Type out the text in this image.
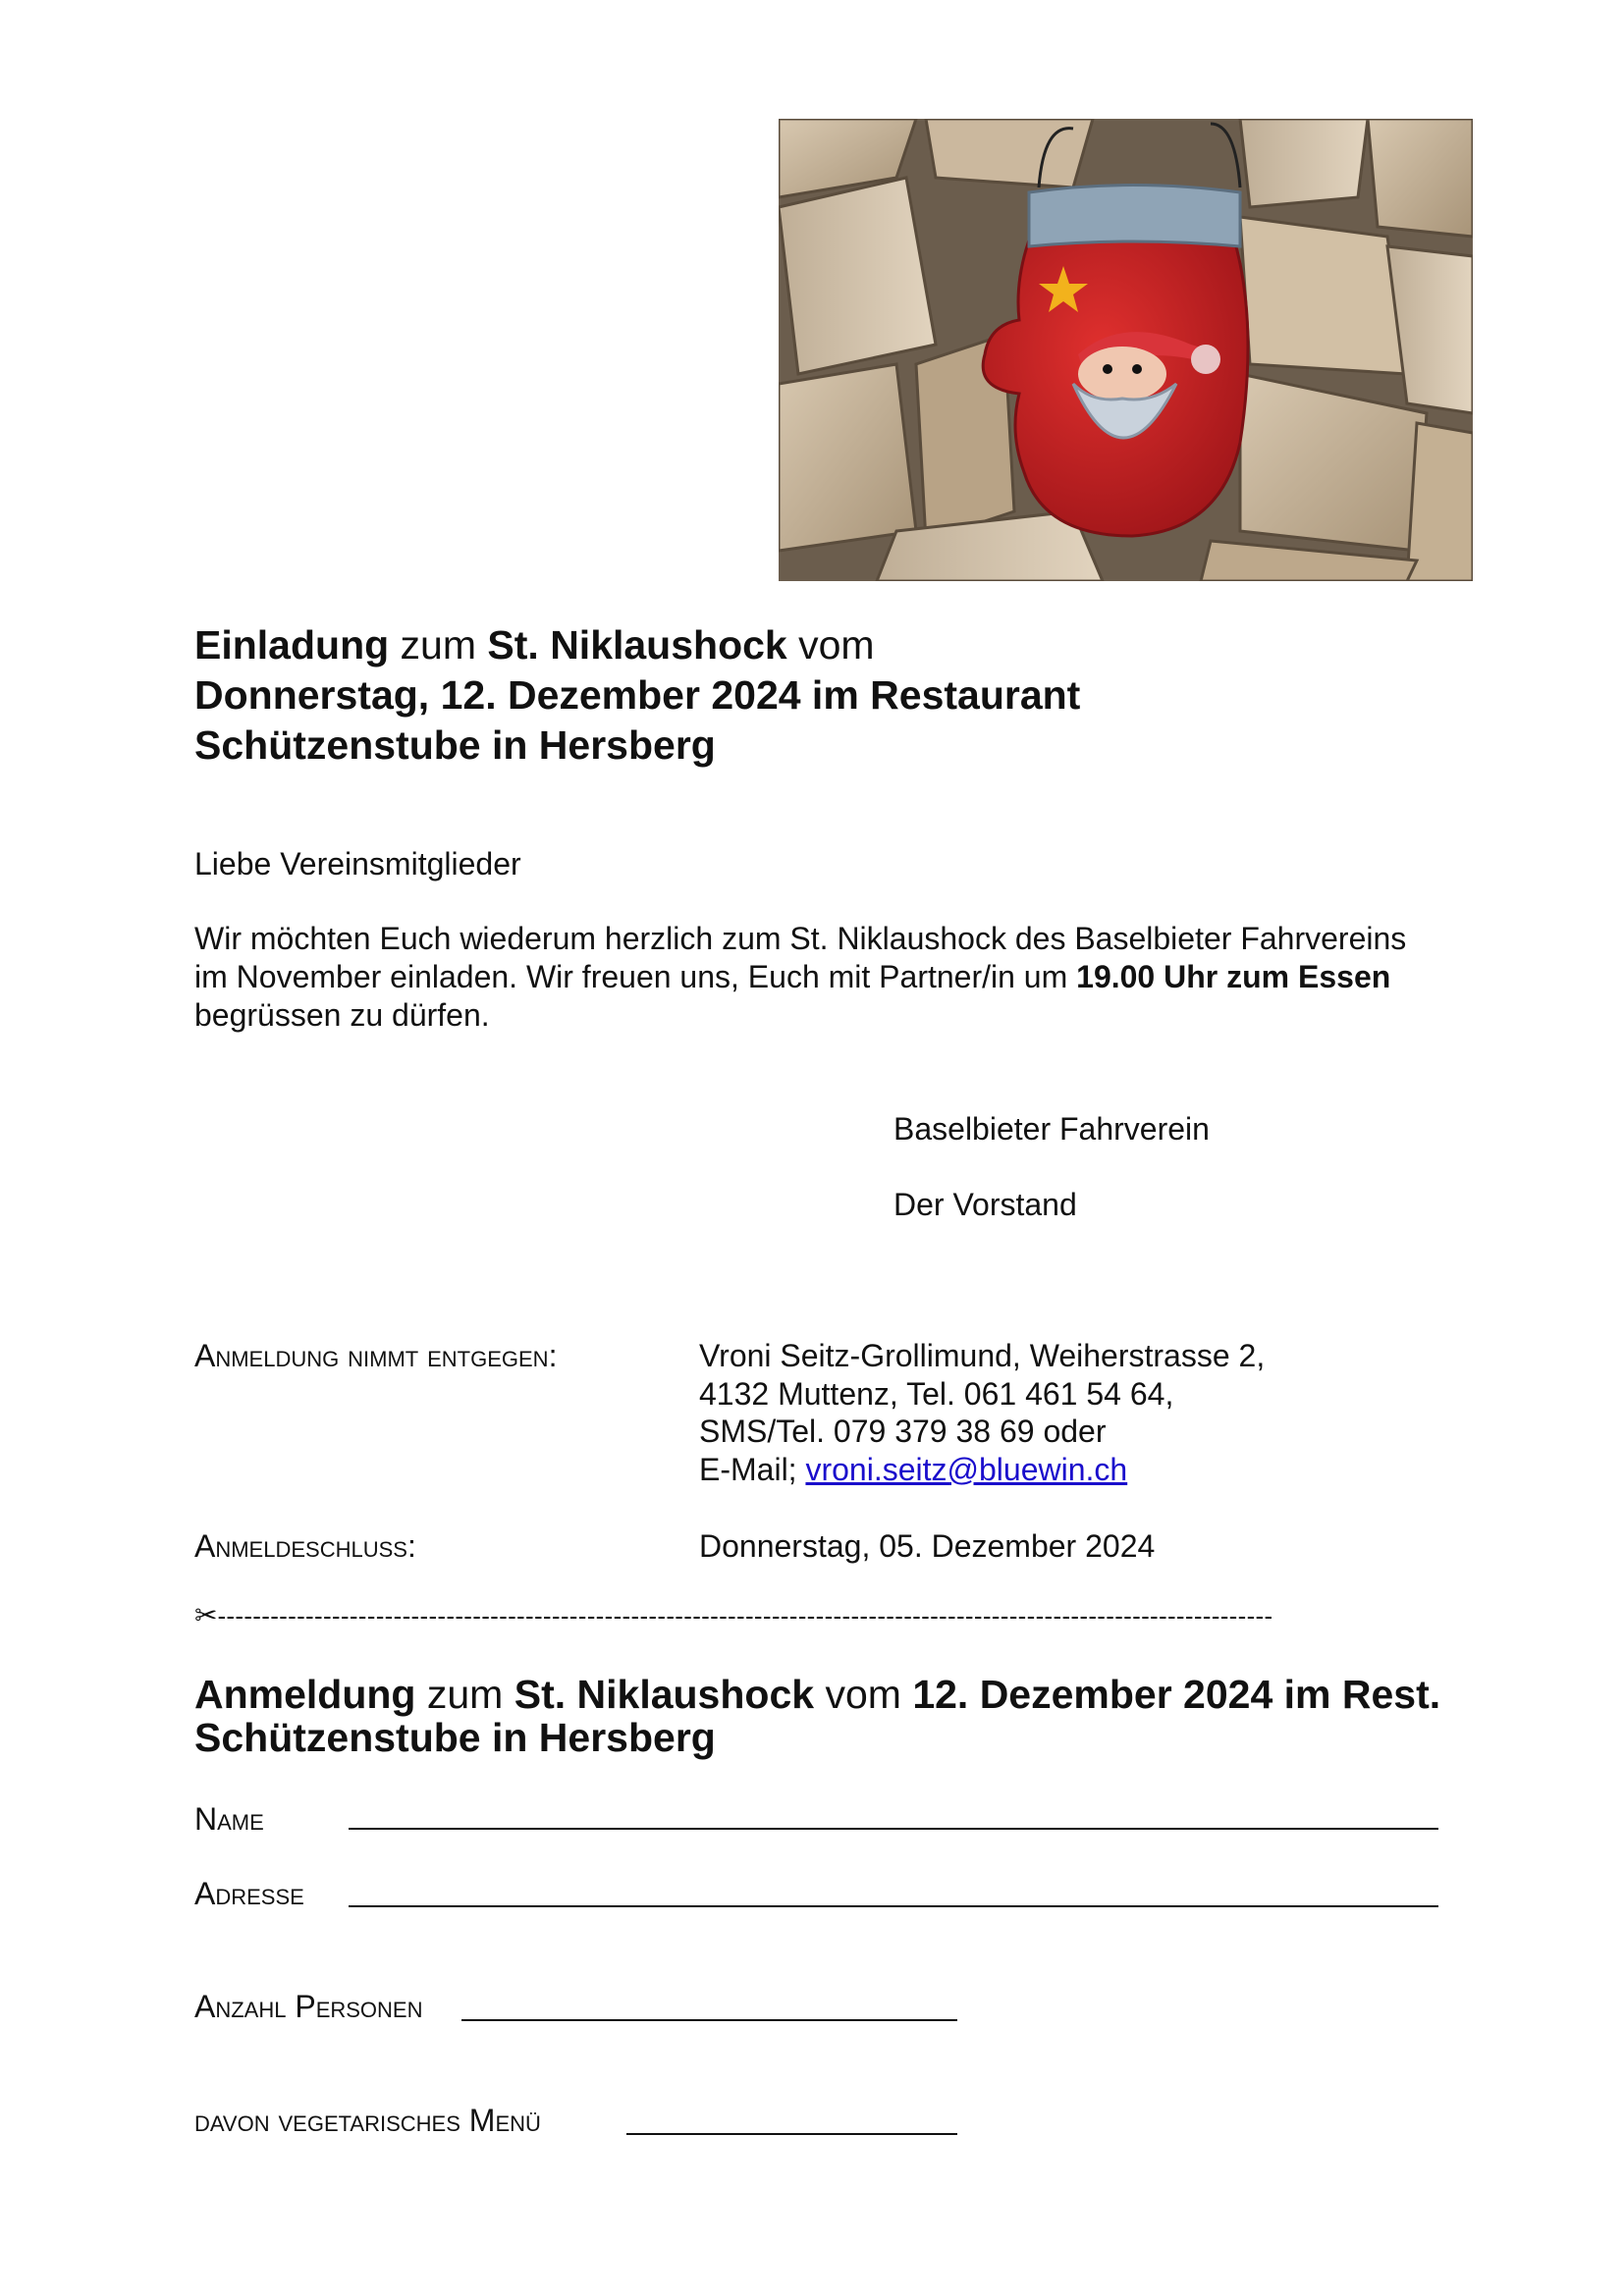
Einladung zum St. Niklaushock vom
Donnerstag, 12. Dezember 2024 im Restaurant
Schützenstube in Hersberg
Liebe Vereinsmitglieder
Wir möchten Euch wiederum herzlich zum St. Niklaushock des Baselbieter Fahrvereins
im November einladen. Wir freuen uns, Euch mit Partner/in um 19.00 Uhr zum Essen
begrüssen zu dürfen.
Baselbieter Fahrverein
Der Vorstand
Anmeldung nimmt entgegen:	Vroni Seitz-Grollimund, Weiherstrasse 2,
4132 Muttenz, Tel. 061 461 54 64,
SMS/Tel. 079 379 38 69 oder
E-Mail; vroni.seitz@bluewin.ch
Anmeldeschluss:	Donnerstag, 05. Dezember 2024
✂------------------------------------------------------------------------------------------------------------------------
Anmeldung zum St. Niklaushock vom 12. Dezember 2024 im Rest.
Schützenstube in Hersberg
Name
Adresse
Anzahl Personen
davon vegetarisches Menü
